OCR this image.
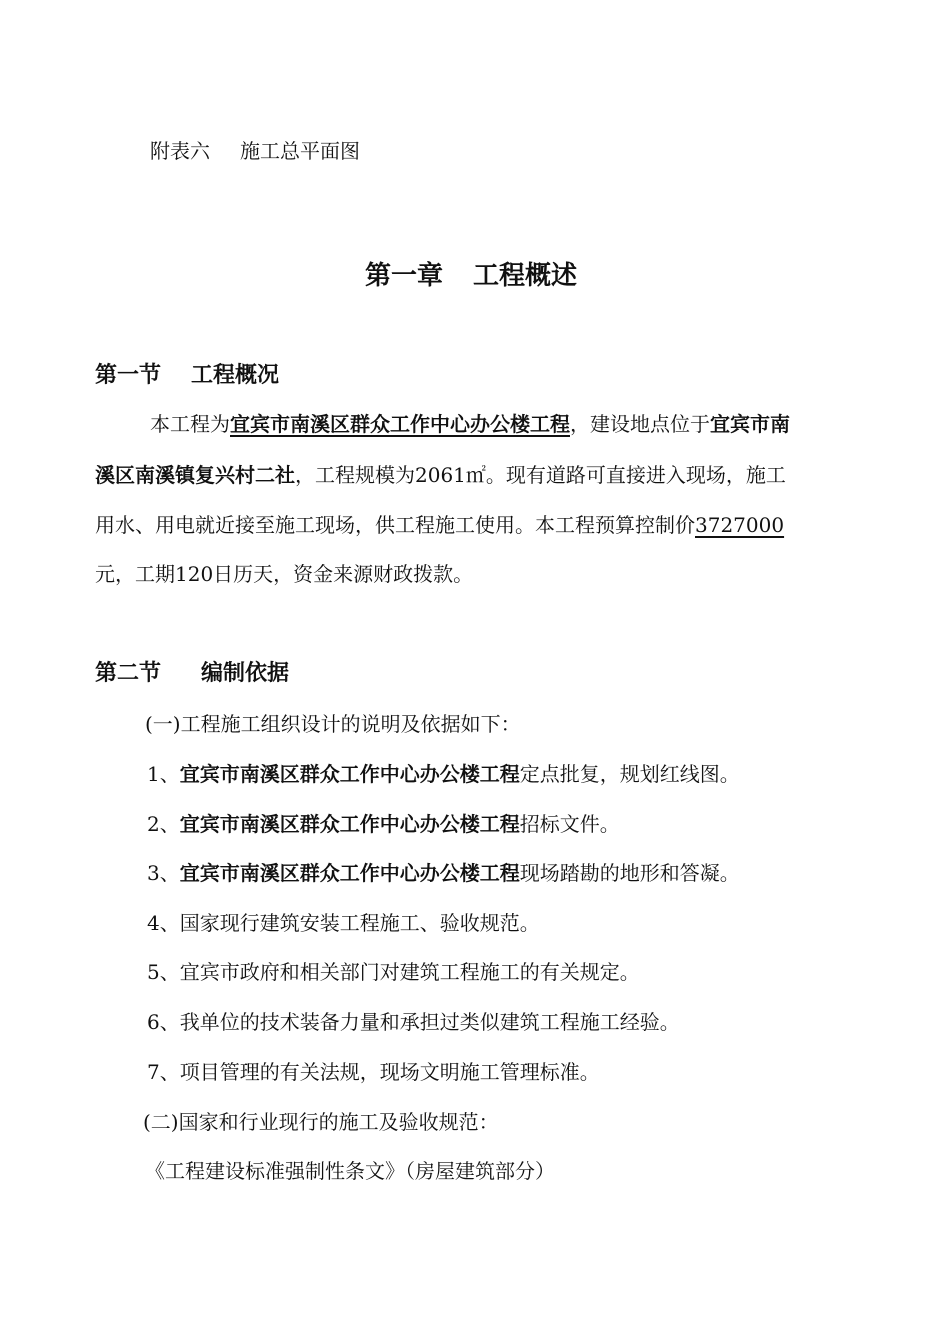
附表六 施工总平面图
第一章 工程概述
第一节 工程概况
本工程为宜宾市南溪区群众工作中心办公楼工程，建设地点位于宜宾市南
溪区南溪镇复兴村二社，工程规模为2061㎡。现有道路可直接进入现场，施工
用水、用电就近接至施工现场，供工程施工使用。本工程预算控制价3727000
元，工期120日历天，资金来源财政拨款。
第二节 编制依据
(一)工程施工组织设计的说明及依据如下：
1、宜宾市南溪区群众工作中心办公楼工程定点批复，规划红线图。
2、宜宾市南溪区群众工作中心办公楼工程招标文件。
3、宜宾市南溪区群众工作中心办公楼工程现场踏勘的地形和答凝。
4、国家现行建筑安装工程施工、验收规范。
5、宜宾市政府和相关部门对建筑工程施工的有关规定。
6、我单位的技术装备力量和承担过类似建筑工程施工经验。
7、项目管理的有关法规，现场文明施工管理标准。
(二)国家和行业现行的施工及验收规范：
《工程建设标准强制性条文》（房屋建筑部分）
